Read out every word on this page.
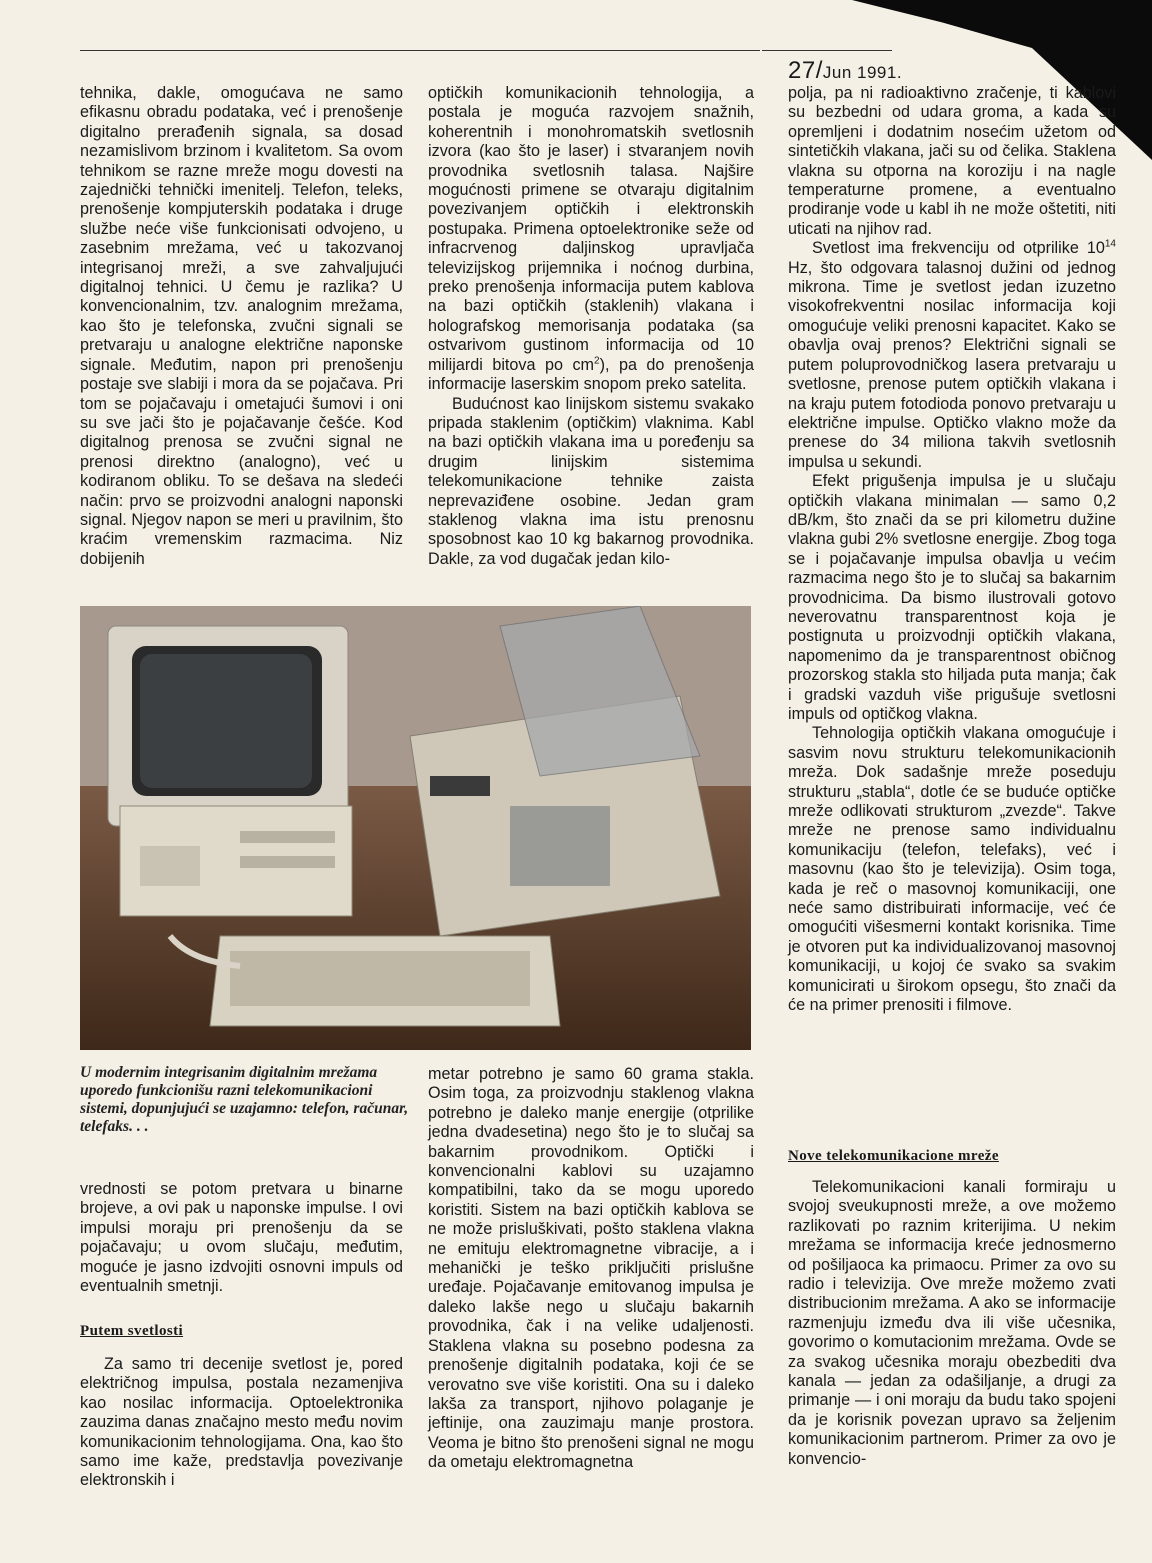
27/Jun 1991.

tehnika, dakle, omogućava ne samo efikasnu obradu podataka, već i prenošenje digitalno prerađenih signala, sa dosad nezamislivom brzinom i kvalitetom. Sa ovom tehnikom se razne mreže mogu dovesti na zajednički tehnički imenitelj. Telefon, teleks, prenošenje kompjuterskih podataka i druge službe neće više funkcionisati odvojeno, u zasebnim mrežama, već u takozvanoj integrisanoj mreži, a sve zahvaljujući digitalnoj tehnici. U čemu je razlika? U konvencionalnim, tzv. analognim mrežama, kao što je telefonska, zvučni signali se pretvaraju u analogne električne naponske signale. Međutim, napon pri prenošenju postaje sve slabiji i mora da se pojačava. Pri tom se pojačavaju i ometajući šumovi i oni su sve jači što je pojačavanje češće. Kod digitalnog prenosa se zvučni signal ne prenosi direktno (analogno), već u kodiranom obliku. To se dešava na sledeći način: prvo se proizvodni analogni naponski signal. Njegov napon se meri u pravilnim, što kraćim vremenskim razmacima. Niz dobijenih

optičkih komunikacionih tehnologija, a postala je moguća razvojem snažnih, koherentnih i monohromatskih svetlosnih izvora (kao što je laser) i stvaranjem novih provodnika svetlosnih talasa. Najšire mogućnosti primene se otvaraju digitalnim povezivanjem optičkih i elektronskih postupaka. Primena optoelektronike seže od infracrvenog daljinskog upravljača televizijskog prijemnika i noćnog durbina, preko prenošenja informacija putem kablova na bazi optičkih (staklenih) vlakana i holografskog memorisanja podataka (sa ostvarivom gustinom informacija od 10 milijardi bitova po $cm^2$), pa do prenošenja informacije laserskim snopom preko satelita.

Budućnost kao linijskom sistemu svakako pripada staklenim (optičkim) vlaknima. Kabl na bazi optičkih vlakana ima u poređenju sa drugim linijskim sistemima telekomunikacione tehnike zaista neprevaziđene osobine. Jedan gram staklenog vlakna ima istu prenosnu sposobnost kao 10 kg bakarnog provodnika. Dakle, za vod dugačak jedan kilo-

polja, pa ni radioaktivno zračenje, ti kablovi su bezbedni od udara groma, a kada su opremljeni i dodatnim nosećim užetom od sintetičkih vlakana, jači su od čelika. Staklena vlakna su otporna na koroziju i na nagle temperaturne promene, a eventualno prodiranje vode u kabl ih ne može oštetiti, niti uticati na njihov rad.

Svetlost ima frekvenciju od otprilike $10^{14}$ Hz, što odgovara talasnoj dužini od jednog mikrona. Time je svetlost jedan izuzetno visokofrekventni nosilac informacija koji omogućuje veliki prenosni kapacitet. Kako se obavlja ovaj prenos? Električni signali se putem poluprovodničkog lasera pretvaraju u svetlosne, prenose putem optičkih vlakana i na kraju putem fotodioda ponovo pretvaraju u električne impulse. Optičko vlakno može da prenese do 34 miliona takvih svetlosnih impulsa u sekundi.

Efekt prigušenja impulsa je u slučaju optičkih vlakana minimalan — samo 0,2 dB/km, što znači da se pri kilometru dužine vlakna gubi 2% svetlosne energije. Zbog toga se i pojačavanje impulsa obavlja u većim razmacima nego što je to slučaj sa bakarnim provodnicima. Da bismo ilustrovali gotovo neverovatnu transparentnost koja je postignuta u proizvodnji optičkih vlakana, napomenimo da je transparentnost običnog prozorskog stakla sto hiljada puta manja; čak i gradski vazduh više prigušuje svetlosni impuls od optičkog vlakna.

Tehnologija optičkih vlakana omogućuje i sasvim novu strukturu telekomunikacionih mreža. Dok sadašnje mreže poseduju strukturu „stabla“, dotle će se buduće optičke mreže odlikovati strukturom „zvezde“. Takve mreže ne prenose samo individualnu komunikaciju (telefon, telefaks), već i masovnu (kao što je televizija). Osim toga, kada je reč o masovnoj komunikaciji, one neće samo distribuirati informacije, već će omogućiti višesmerni kontakt korisnika. Time je otvoren put ka individualizovanoj masovnoj komunikaciji, u kojoj će svako sa svakim komunicirati u širokom opsegu, što znači da će na primer prenositi i filmove.

U modernim integrisanim digitalnim mrežama uporedo funkcionišu razni telekomunikacioni sistemi, dopunjujući se uzajamno: telefon, računar, telefaks. . .

vrednosti se potom pretvara u binarne brojeve, a ovi pak u naponske impulse. I ovi impulsi moraju pri prenošenju da se pojačavaju; u ovom slučaju, međutim, moguće je jasno izdvojiti osnovni impuls od eventualnih smetnji.

Putem svetlosti

Za samo tri decenije svetlost je, pored električnog impulsa, postala nezamenjiva kao nosilac informacija. Optoelektronika zauzima danas značajno mesto među novim komunikacionim tehnologijama. Ona, kao što samo ime kaže, predstavlja povezivanje elektronskih i

metar potrebno je samo 60 grama stakla. Osim toga, za proizvodnju staklenog vlakna potrebno je daleko manje energije (otprilike jedna dvadesetina) nego što je to slučaj sa bakarnim provodnikom. Optički i konvencionalni kablovi su uzajamno kompatibilni, tako da se mogu uporedo koristiti. Sistem na bazi optičkih kablova se ne može prisluškivati, pošto staklena vlakna ne emituju elektromagnetne vibracije, a i mehanički je teško priključiti prislušne uređaje. Pojačavanje emitovanog impulsa je daleko lakše nego u slučaju bakarnih provodnika, čak i na velike udaljenosti. Staklena vlakna su posebno podesna za prenošenje digitalnih podataka, koji će se verovatno sve više koristiti. Ona su i daleko lakša za transport, njihovo polaganje je jeftinije, ona zauzimaju manje prostora. Veoma je bitno što prenošeni signal ne mogu da ometaju elektromagnetna

Nove telekomunikacione mreže

Telekomunikacioni kanali formiraju u svojoj sveukupnosti mreže, a ove možemo razlikovati po raznim kriterijima. U nekim mrežama se informacija kreće jednosmerno od pošiljaoca ka primaocu. Primer za ovo su radio i televizija. Ove mreže možemo zvati distribucionim mrežama. A ako se informacije razmenjuju između dva ili više učesnika, govorimo o komutacionim mrežama. Ovde se za svakog učesnika moraju obezbediti dva kanala — jedan za odašiljanje, a drugi za primanje — i oni moraju da budu tako spojeni da je korisnik povezan upravo sa željenim komunikacionim partnerom. Primer za ovo je konvencio-
